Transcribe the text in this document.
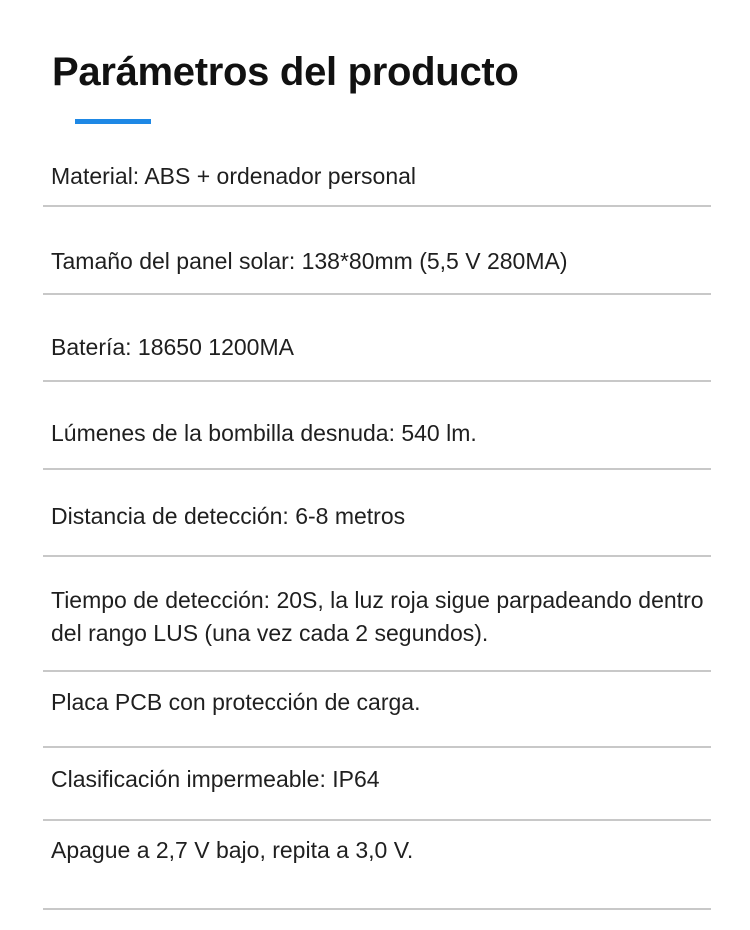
Parámetros del producto
Material: ABS + ordenador personal
Tamaño del panel solar: 138*80mm (5,5 V 280MA)
Batería: 18650 1200MA
Lúmenes de la bombilla desnuda: 540 lm.
Distancia de detección: 6-8 metros
Tiempo de detección: 20S, la luz roja sigue parpadeando dentro del rango LUS (una vez cada 2 segundos).
Placa PCB con protección de carga.
Clasificación impermeable: IP64
Apague a 2,7 V bajo, repita a 3,0 V.
